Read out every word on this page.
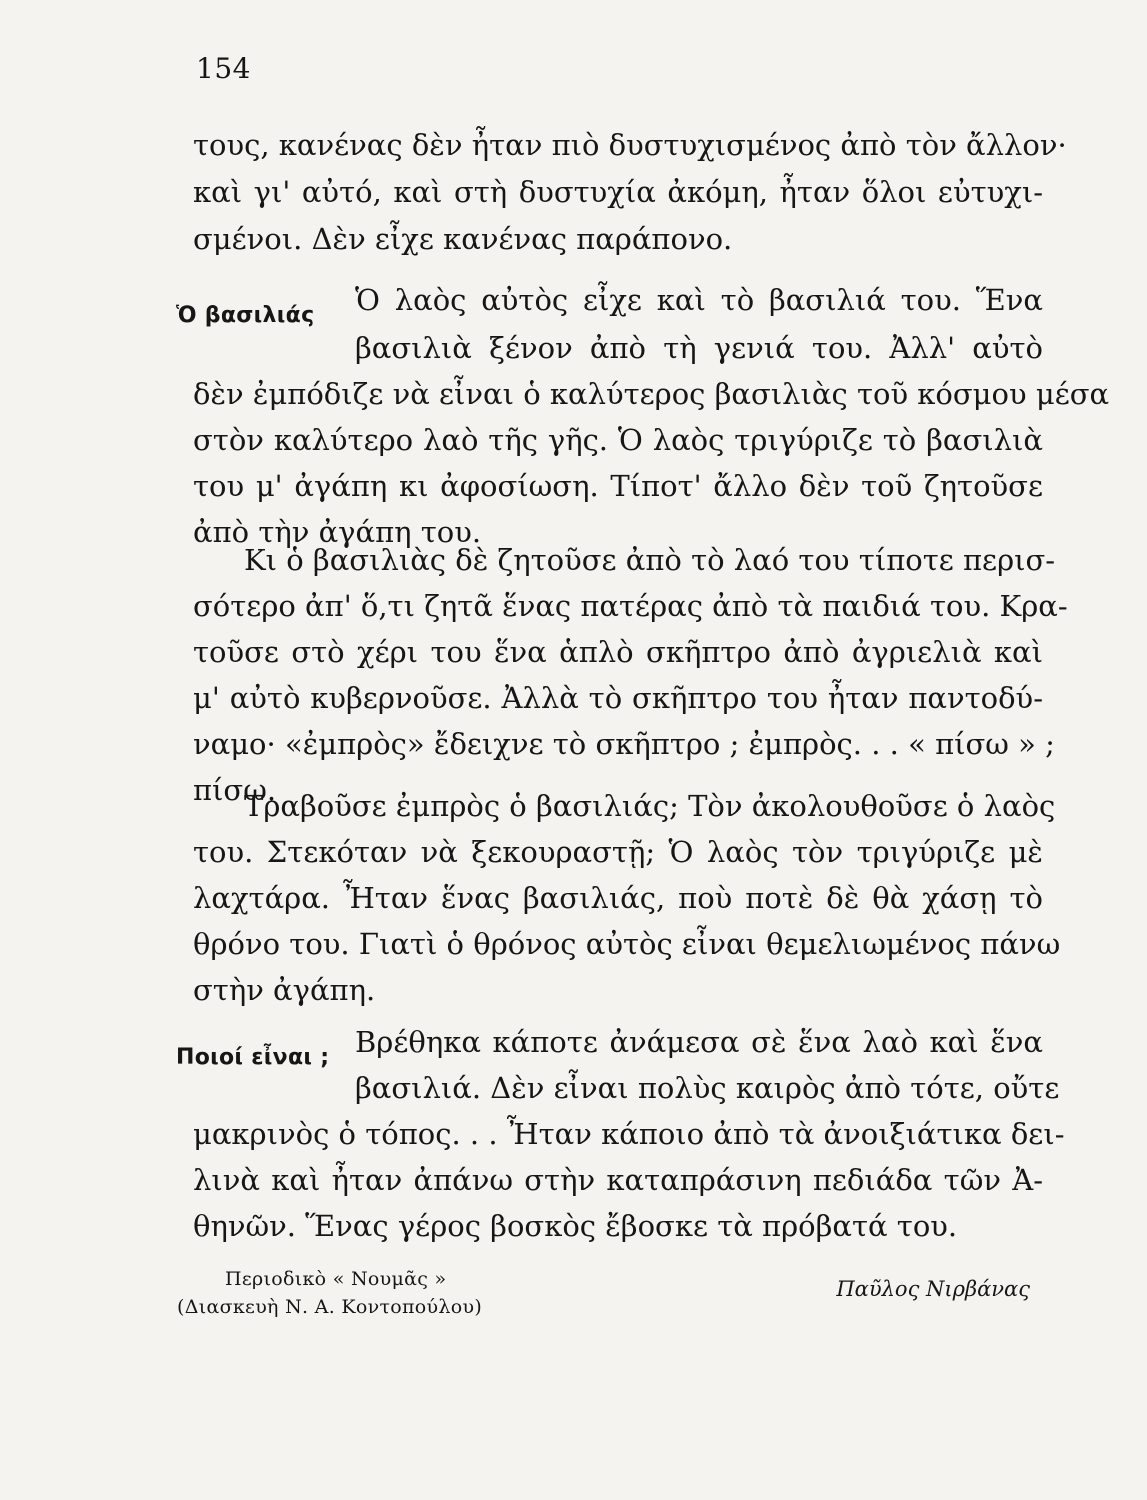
154
τους, κανένας δὲν ἦταν πιὸ δυστυχισμένος ἀπὸ τὸν ἄλλον·
καὶ γι' αὐτό, καὶ στὴ δυστυχία ἀκόμη, ἦταν ὅλοι εὐτυχι-
σμένοι. Δὲν εἶχε κανένας παράπονο.
Ὁ βασιλιάς Ὁ λαὸς αὐτὸς εἶχε καὶ τὸ βασιλιά του. Ἕνα
βασιλιὰ ξένον ἀπὸ τὴ γενιά του. Ἀλλ' αὐτὸ
δὲν ἐμπόδιζε νὰ εἶναι ὁ καλύτερος βασιλιὰς τοῦ κόσμου μέσα
στὸν καλύτερο λαὸ τῆς γῆς. Ὁ λαὸς τριγύριζε τὸ βασιλιὰ
του μ' ἀγάπη κι ἀφοσίωση. Τίποτ' ἄλλο δὲν τοῦ ζητοῦσε
ἀπὸ τὴν ἀγάπη του.
Κι ὁ βασιλιὰς δὲ ζητοῦσε ἀπὸ τὸ λαό του τίποτε περισ-
σότερο ἀπ' ὅ,τι ζητᾶ ἕνας πατέρας ἀπὸ τὰ παιδιά του. Κρα-
τοῦσε στὸ χέρι του ἕνα ἁπλὸ σκῆπτρο ἀπὸ ἀγριελιὰ καὶ
μ' αὐτὸ κυβερνοῦσε. Ἀλλὰ τὸ σκῆπτρο του ἦταν παντοδύ-
ναμο· «ἐμπρὸς» ἔδειχνε τὸ σκῆπτρο ; ἐμπρὸς. . . « πίσω » ;
πίσω.
Τραβοῦσε ἐμπρὸς ὁ βασιλιάς; Τὸν ἀκολουθοῦσε ὁ λαὸς
του. Στεκόταν νὰ ξεκουραστῇ; Ὁ λαὸς τὸν τριγύριζε μὲ
λαχτάρα. Ἦταν ἕνας βασιλιάς, ποὺ ποτὲ δὲ θὰ χάσῃ τὸ
θρόνο του. Γιατὶ ὁ θρόνος αὐτὸς εἶναι θεμελιωμένος πάνω
στὴν ἀγάπη.
Ποιοί εἶναι ; Βρέθηκα κάποτε ἀνάμεσα σὲ ἕνα λαὸ καὶ ἕνα
βασιλιά. Δὲν εἶναι πολὺς καιρὸς ἀπὸ τότε, οὔτε
μακρινὸς ὁ τόπος. . . Ἦταν κάποιο ἀπὸ τὰ ἀνοιξιάτικα δει-
λινὰ καὶ ἦταν ἀπάνω στὴν καταπράσινη πεδιάδα τῶν Ἀ-
θηνῶν. Ἕνας γέρος βοσκὸς ἔβοσκε τὰ πρόβατά του.
Περιοδικὸ « Νουμᾶς »
(Διασκευὴ Ν. Α. Κοντοπούλου)
Παῦλος Νιρβάνας
